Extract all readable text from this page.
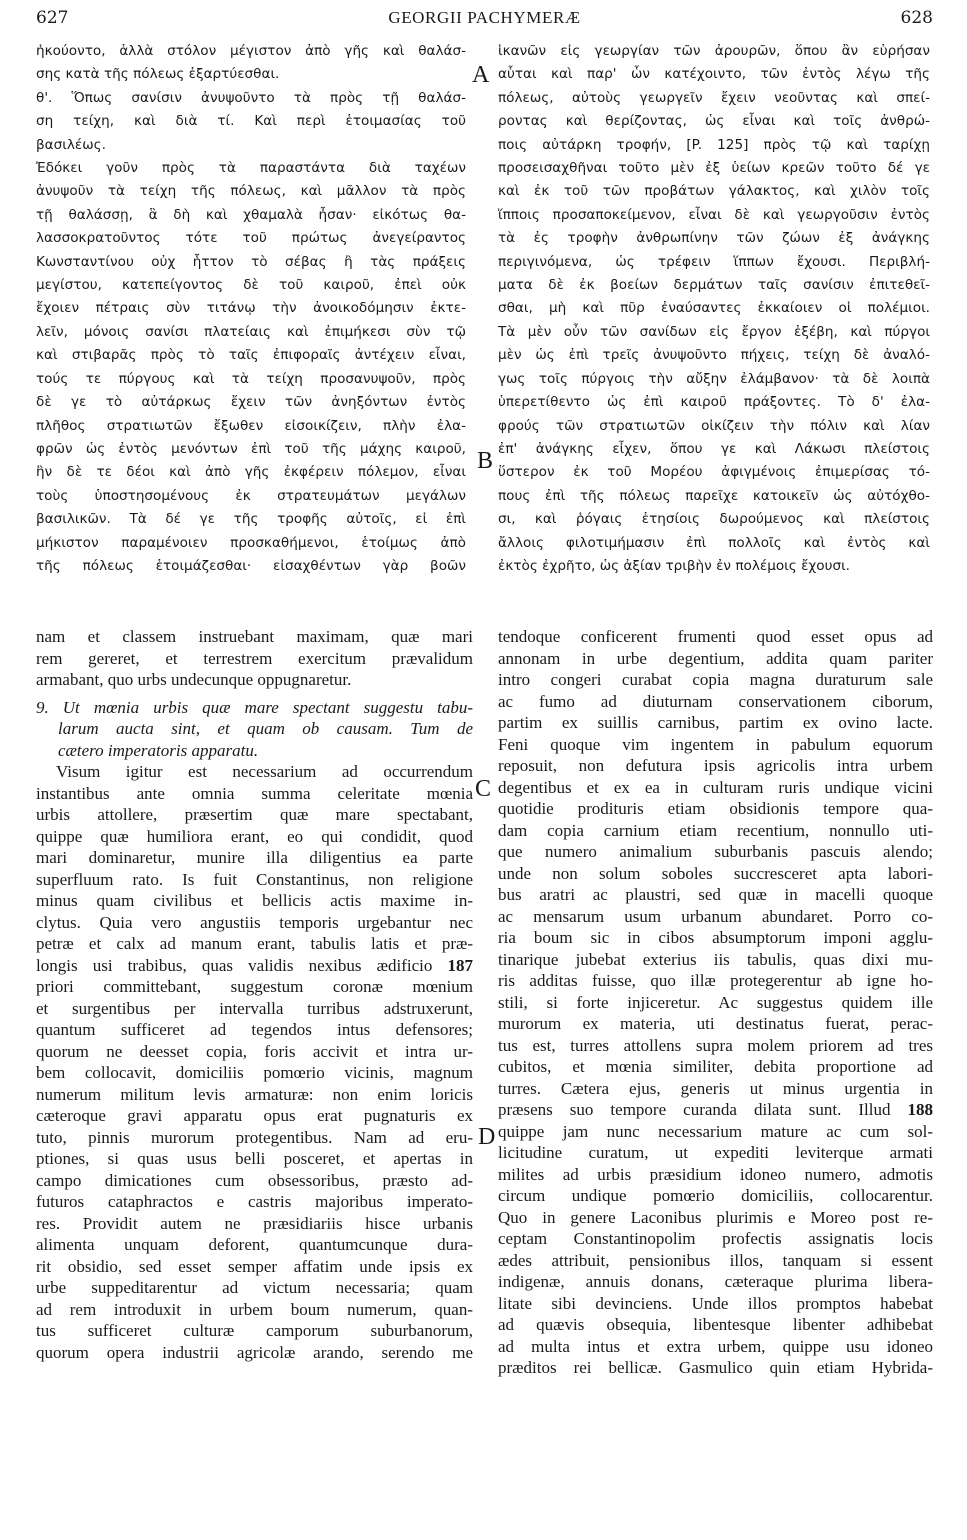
627	GEORGII PACHYMERÆ	628
ἠκούοντο, ἀλλὰ στόλον μέγιστον ἀπὸ γῆς καὶ θαλάσ-
σης κατὰ τῆς πόλεως ἐξαρτύεσθαι.
θ'. Ὅπως σανίσιν ἀνυψοῦντο τὰ πρὸς τῇ θαλάσ-
ση τείχη, καὶ διὰ τί. Καὶ περὶ ἑτοιμασίας τοῦ
βασιλέως.
Ἐδόκει γοῦν πρὸς τὰ παραστάντα διὰ ταχέων
ἀνυψοῦν τὰ τείχη τῆς πόλεως, καὶ μᾶλλον τὰ πρὸς
τῇ θαλάσσῃ, ἃ δὴ καὶ χθαμαλὰ ἦσαν· εἰκότως θα-
λασσοκρατοῦντος τότε τοῦ πρώτως ἀνεγείραντος
Κωνσταντίνου οὐχ ἧττον τὸ σέβας ἢ τὰς πράξεις
μεγίστου, κατεπείγοντος δὲ τοῦ καιροῦ, ἐπεὶ οὐκ
ἔχοιεν πέτραις σὺν τιτάνῳ τὴν ἀνοικοδόμησιν ἐκτε-
λεῖν, μόνοις σανίσι πλατείαις καὶ ἐπιμήκεσι σὺν τῷ
καὶ στιβαρᾶς πρὸς τὸ ταῖς ἐπιφοραῖς ἀντέχειν εἶναι,
τούς τε πύργους καὶ τὰ τείχη προσανυψοῦν, πρὸς
δὲ γε τὸ αὐτάρκως ἔχειν τῶν ἀνηξόντων ἐντὸς
πλῆθος στρατιωτῶν ἔξωθεν εἰσοικίζειν, πλὴν ἐλα-
φρῶν ὡς ἐντὸς μενόντων ἐπὶ τοῦ τῆς μάχης καιροῦ,
ἣν δὲ τε δέοι καὶ ἀπὸ γῆς ἐκφέρειν πόλεμον, εἶναι
τοὺς ὑποστησομένους ἐκ στρατευμάτων μεγάλων
βασιλικῶν. Τὰ δέ γε τῆς τροφῆς αὐτοῖς, εἰ ἐπὶ
μήκιστον παραμένοιεν προσκαθήμενοι, ἑτοίμως ἀπὸ
τῆς πόλεως ἑτοιμάζεσθαι· εἰσαχθέντων γὰρ βοῶν
ἱκανῶν εἰς γεωργίαν τῶν ἀρουρῶν, ὅπου ἂν εὑρήσαν
αὗται καὶ παρ' ὧν κατέχοιντο, τῶν ἐντὸς λέγω τῆς
πόλεως, αὐτοὺς γεωργεῖν ἔχειν νεοῦντας καὶ σπεί-
ροντας καὶ θερίζοντας, ὡς εἶναι καὶ τοῖς ἀνθρώ-
ποις αὐτάρκη τροφήν, [P. 125] πρὸς τῷ καὶ ταρίχῃ
προσεισαχθῆναι τοῦτο μὲν ἐξ ὑείων κρεῶν τοῦτο δέ γε
καὶ ἐκ τοῦ τῶν προβάτων γάλακτος, καὶ χιλὸν τοῖς
ἵπποις προσαποκείμενον, εἶναι δὲ καὶ γεωργοῦσιν ἐντὸς
τὰ ἐς τροφὴν ἀνθρωπίνην τῶν ζώων ἐξ ἀνάγκης
περιγινόμενα, ὡς τρέφειν ἵππων ἔχουσι. Περιβλή-
ματα δὲ ἐκ βοείων δερμάτων ταῖς σανίσιν ἐπιτεθεῖ-
σθαι, μὴ καὶ πῦρ ἐναύσαντες ἐκκαίοιεν οἱ πολέμιοι.
Τὰ μὲν οὖν τῶν σανίδων εἰς ἔργον ἐξέβη, καὶ πύργοι
μὲν ὡς ἐπὶ τρεῖς ἀνυψοῦντο πήχεις, τείχη δὲ ἀναλό-
γως τοῖς πύργοις τὴν αὔξην ἐλάμβανον· τὰ δὲ λοιπὰ
ὑπερετίθεντο ὡς ἐπὶ καιροῦ πράξοντες. Τὸ δ' ἐλα-
φρούς τῶν στρατιωτῶν οἰκίζειν τὴν πόλιν καὶ λίαν
ἐπ' ἀνάγκης εἶχεν, ὅπου γε καὶ Λάκωσι πλείστοις
ὕστερον ἐκ τοῦ Μορέου ἀφιγμένοις ἐπιμερίσας τό-
πους ἐπὶ τῆς πόλεως παρεῖχε κατοικεῖν ὡς αὐτόχθο-
σι, καὶ ῥόγαις ἐτησίοις δωρούμενος καὶ πλείστοις
ἄλλοις φιλοτιμήμασιν ἐπὶ πολλοῖς καὶ ἐντὸς καὶ
ἐκτὸς ἐχρῆτο, ὡς ἀξίαν τριβὴν ἐν πολέμοις ἔχουσι.
nam et classem instruebant maximam, quæ mari
rem gereret, et terrestrem exercitum prævalidum
armabant, quo urbs undecunque oppugnaretur.
9. Ut mœnia urbis quæ mare spectant suggestu tabu-
larum aucta sint, et quam ob causam. Tum de
cætero imperatoris apparatu.
Visum igitur est necessarium ad occurrendum
instantibus ante omnia summa celeritate mœnia
urbis attollere, præsertim quæ mare spectabant,
quippe quæ humiliora erant, eo qui condidit, quod
mari dominaretur, munire illa diligentius ea parte
superfluum rato. Is fuit Constantinus, non religione
minus quam civilibus et bellicis actis maxime in-
clytus. Quia vero angustiis temporis urgebantur nec
petræ et calx ad manum erant, tabulis latis et præ-
longis usi trabibus, quas validis nexibus ædificio 187
priori committebant, suggestum coronæ mœnium
et surgentibus per intervalla turribus adstruxerunt,
quantum sufficeret ad tegendos intus defensores;
quorum ne deesset copia, foris accivit et intra ur-
bem collocavit, domiciliis pomœrio vicinis, magnum
numerum militum levis armaturæ: non enim loricis
cæteroque gravi apparatu opus erat pugnaturis ex
tuto, pinnis murorum protegentibus. Nam ad eru-
ptiones, si quas usus belli posceret, et apertas in
campo dimicationes cum obsessoribus, præsto ad-
futuros cataphractos e castris majoribus imperato-
res. Providit autem ne præsidiariis hisce urbanis
alimenta unquam deforent, quantumcunque dura-
rit obsidio, sed esset semper affatim unde ipsis ex
urbe suppeditarentur ad victum necessaria; quam
ad rem introduxit in urbem boum numerum, quan-
tus sufficeret culturæ camporum suburbanorum,
quorum opera industrii agricolæ arando, serendo me
tendoque conficerent frumenti quod esset opus ad
annonam in urbe degentium, addita quam pariter
intro congeri curabat copia magna duraturum sale
ac fumo ad diuturnam conservationem ciborum,
partim ex suillis carnibus, partim ex ovino lacte.
Feni quoque vim ingentem in pabulum equorum
reposuit, non defutura ipsis agricolis intra urbem
degentibus et ex ea in culturam ruris undique vicini
quotidie prodituris etiam obsidionis tempore qua-
dam copia carnium etiam recentium, nonnullo uti-
que numero animalium suburbanis pascuis alendo;
unde non solum soboles succresceret apta labori-
bus aratri ac plaustri, sed quæ in macelli quoque
ac mensarum usum urbanum abundaret. Porro co-
ria boum sic in cibos absumptorum imponi agglu-
tinarique jubebat exterius iis tabulis, quas dixi mu-
ris additas fuisse, quo illæ protegerentur ab igne ho-
stili, si forte injiceretur. Ac suggestus quidem ille
murorum ex materia, uti destinatus fuerat, perac-
tus est, turres attollens supra molem priorem ad tres
cubitos, et mœnia similiter, debita proportione ad
turres. Cætera ejus, generis ut minus urgentia in
præsens suo tempore curanda dilata sunt. Illud 188
quippe jam nunc necessarium mature ac cum sol-
licitudine curatum, ut expediti leviterque armati
milites ad urbis præsidium idoneo numero, admotis
circum undique pomœrio domiciliis, collocarentur.
Quo in genere Laconibus plurimis e Moreo post re-
ceptam Constantinopolim profectis assignatis locis
ædes attribuit, pensionibus illos, tanquam si essent
indigenæ, annuis donans, cæteraque plurima libera-
litate sibi devinciens. Unde illos promptos habebat
ad quævis obsequia, libentesque libenter adhibebat
ad multa intus et extra urbem, quippe usu idoneo
præditos rei bellicæ. Gasmulico quin etiam Hybrida-
A
B
C
D
